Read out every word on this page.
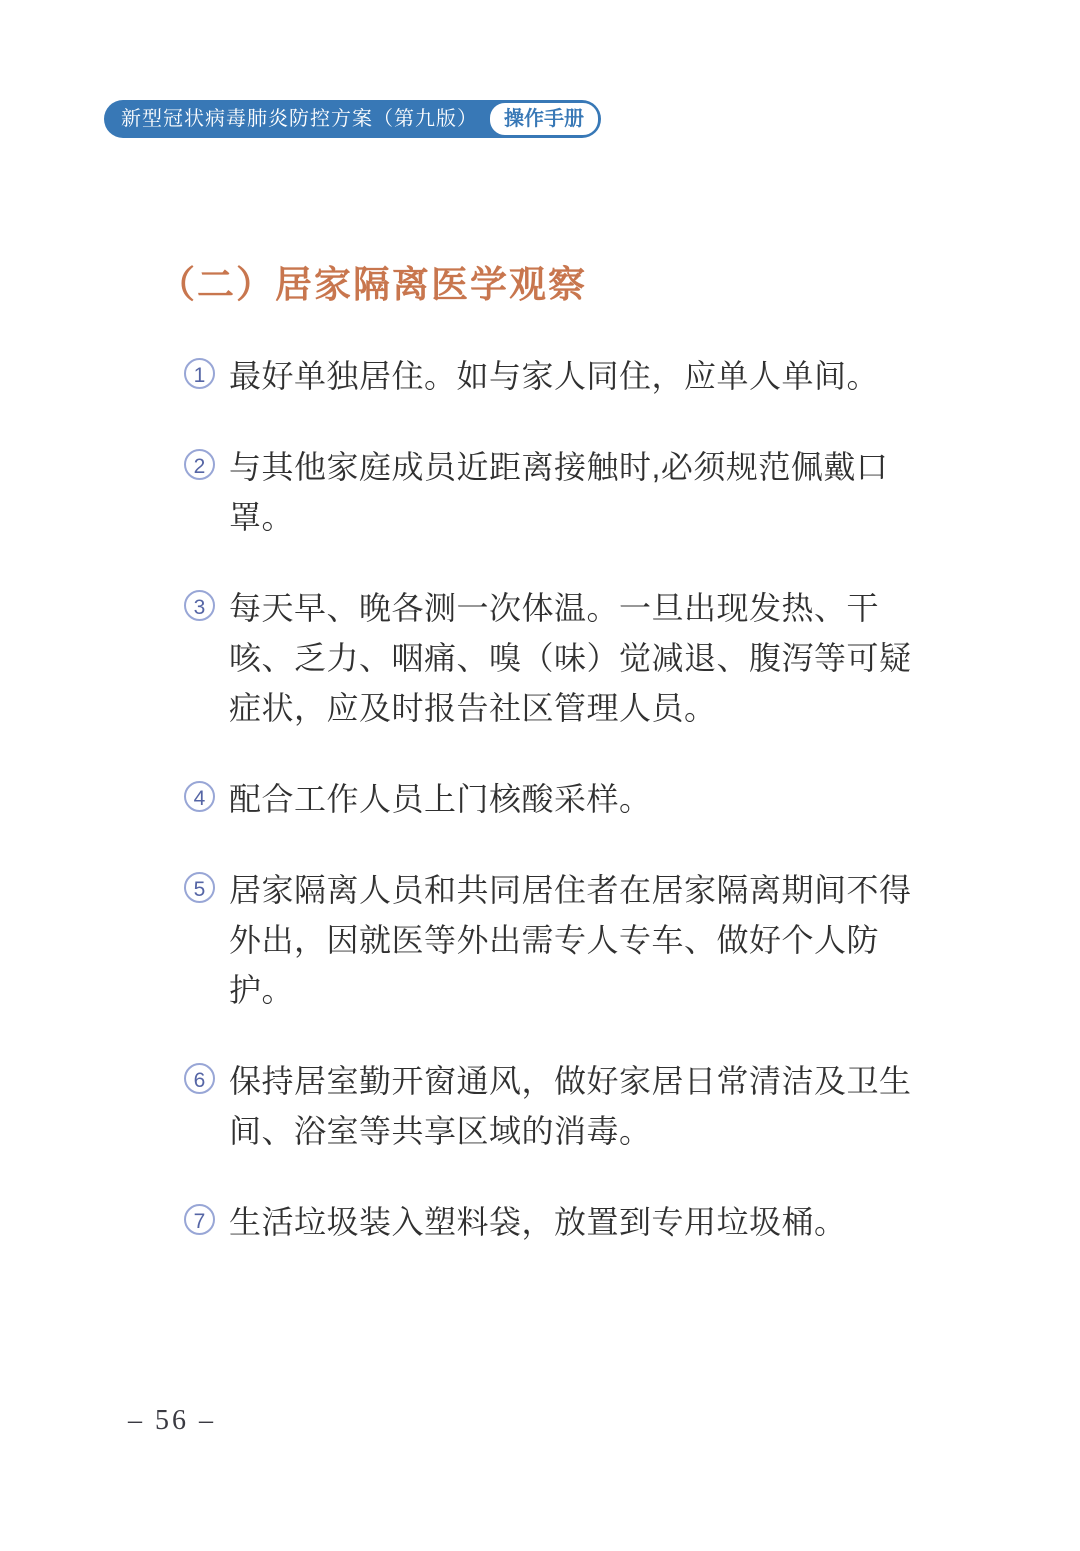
新型冠状病毒肺炎防控方案（第九版）	操作手册
（二）居家隔离医学观察
1 最好单独居住。如与家人同住，应单人单间。
2 与其他家庭成员近距离接触时,必须规范佩戴口罩。
3 每天早、晚各测一次体温。一旦出现发热、干咳、乏力、咽痛、嗅（味）觉减退、腹泻等可疑症状，应及时报告社区管理人员。
4 配合工作人员上门核酸采样。
5 居家隔离人员和共同居住者在居家隔离期间不得外出，因就医等外出需专人专车、做好个人防护。
6 保持居室勤开窗通风，做好家居日常清洁及卫生间、浴室等共享区域的消毒。
7 生活垃圾装入塑料袋，放置到专用垃圾桶。
– 56 –
